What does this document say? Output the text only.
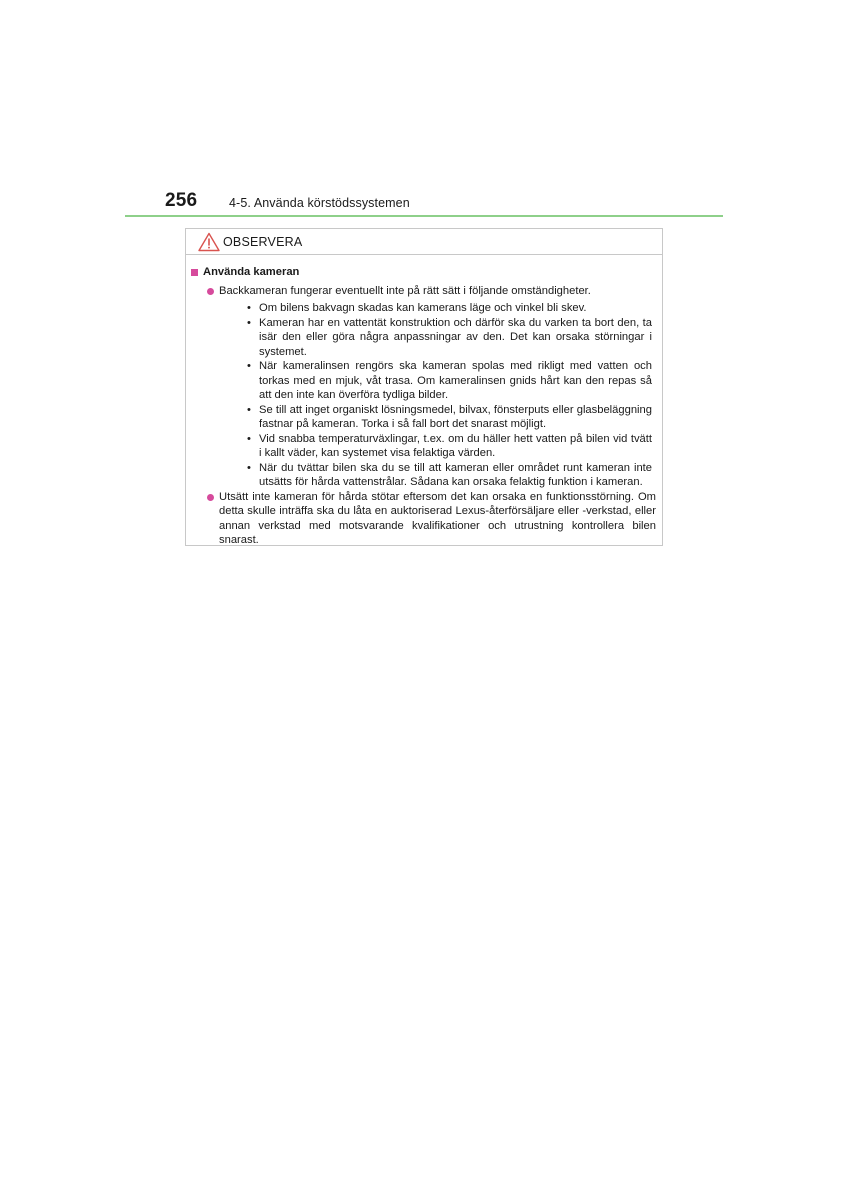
256	4-5. Använda körstödssystemen
OBSERVERA
Använda kameran
Backkameran fungerar eventuellt inte på rätt sätt i följande omständigheter.
• Om bilens bakvagn skadas kan kamerans läge och vinkel bli skev.
• Kameran har en vattentät konstruktion och därför ska du varken ta bort den, ta isär den eller göra några anpassningar av den. Det kan orsaka störningar i systemet.
• När kameralinsen rengörs ska kameran spolas med rikligt med vatten och torkas med en mjuk, våt trasa. Om kameralinsen gnids hårt kan den repas så att den inte kan överföra tydliga bilder.
• Se till att inget organiskt lösningsmedel, bilvax, fönsterputs eller glasbeläggning fastnar på kameran. Torka i så fall bort det snarast möjligt.
• Vid snabba temperaturväxlingar, t.ex. om du häller hett vatten på bilen vid tvätt i kallt väder, kan systemet visa felaktiga värden.
• När du tvättar bilen ska du se till att kameran eller området runt kameran inte utsätts för hårda vattenstrålar. Sådana kan orsaka felaktig funktion i kameran.
Utsätt inte kameran för hårda stötar eftersom det kan orsaka en funktionsstörning. Om detta skulle inträffa ska du låta en auktoriserad Lexus-återförsäljare eller -verkstad, eller annan verkstad med motsvarande kvalifikationer och utrustning kontrollera bilen snarast.
